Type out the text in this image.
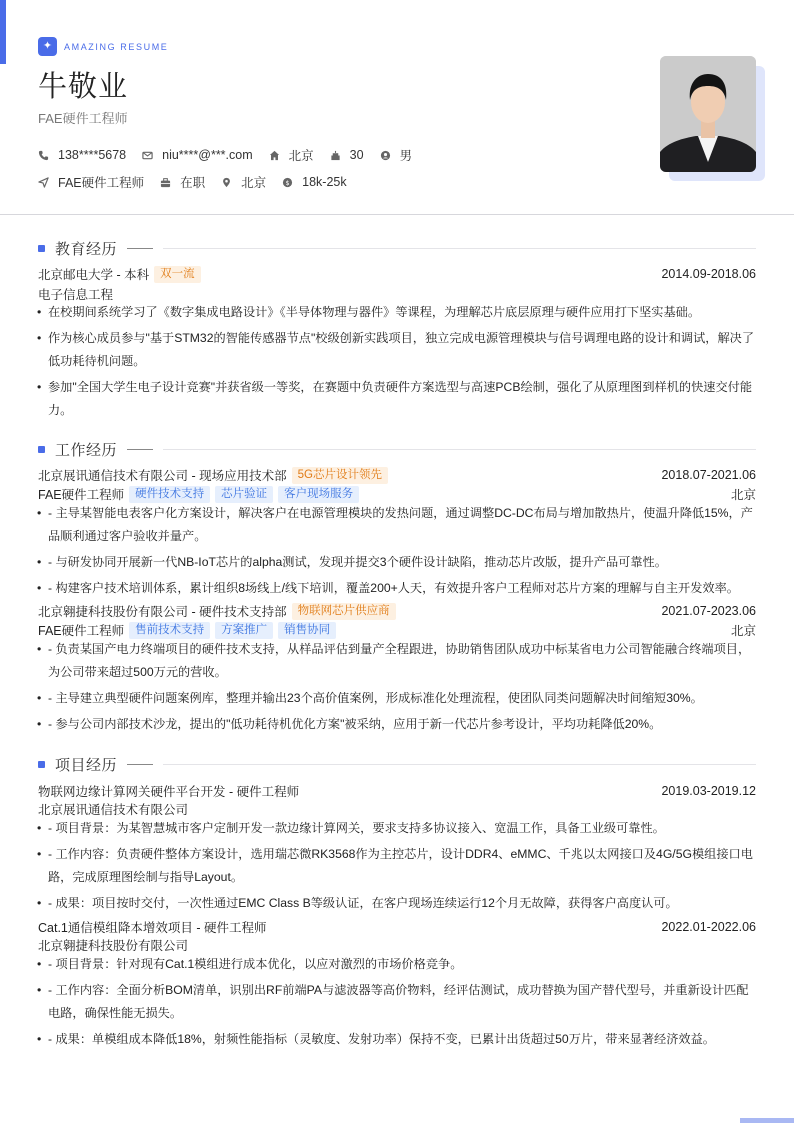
✦	AMAZING RESUME
牛敬业
FAE硬件工程师
138****5678	niu****@***.com	北京	30	男
FAE硬件工程师	在职	北京	$ 18k-25k
教育经历
北京邮电大学 - 本科 双一流	2014.09-2018.06
电子信息工程
• 在校期间系统学习了《数字集成电路设计》《半导体物理与器件》等课程，为理解芯片底层原理与硬件应用打下坚实基础。
• 作为核心成员参与"基于STM32的智能传感器节点"校级创新实践项目，独立完成电源管理模块与信号调理电路的设计和调试，解决了低功耗待机问题。
• 参加"全国大学生电子设计竞赛"并获省级一等奖，在赛题中负责硬件方案选型与高速PCB绘制，强化了从原理图到样机的快速交付能力。
工作经历
北京展讯通信技术有限公司 - 现场应用技术部 5G芯片设计领先	2018.07-2021.06
FAE硬件工程师 硬件技术支持	芯片验证	客户现场服务	北京
• - 主导某智能电表客户化方案设计，解决客户在电源管理模块的发热问题，通过调整DC-DC布局与增加散热片，使温升降低15%，产品顺利通过客户验收并量产。
• - 与研发协同开展新一代NB-IoT芯片的alpha测试，发现并提交3个硬件设计缺陷，推动芯片改版，提升产品可靠性。
• - 构建客户技术培训体系，累计组织8场线上/线下培训，覆盖200+人天，有效提升客户工程师对芯片方案的理解与自主开发效率。
北京翱捷科技股份有限公司 - 硬件技术支持部 物联网芯片供应商	2021.07-2023.06
FAE硬件工程师 售前技术支持	方案推广	销售协同	北京
• - 负责某国产电力终端项目的硬件技术支持，从样品评估到量产全程跟进，协助销售团队成功中标某省电力公司智能融合终端项目，为公司带来超过500万元的营收。
• - 主导建立典型硬件问题案例库，整理并输出23个高价值案例，形成标准化处理流程，使团队同类问题解决时间缩短30%。
• - 参与公司内部技术沙龙，提出的"低功耗待机优化方案"被采纳，应用于新一代芯片参考设计，平均功耗降低20%。
项目经历
物联网边缘计算网关硬件平台开发 - 硬件工程师	2019.03-2019.12
北京展讯通信技术有限公司
• - 项目背景：为某智慧城市客户定制开发一款边缘计算网关，要求支持多协议接入、宽温工作，具备工业级可靠性。
• - 工作内容：负责硬件整体方案设计，选用瑞芯微RK3568作为主控芯片，设计DDR4、eMMC、千兆以太网接口及4G/5G模组接口电路，完成原理图绘制与指导Layout。
• - 成果：项目按时交付，一次性通过EMC Class B等级认证，在客户现场连续运行12个月无故障，获得客户高度认可。
Cat.1通信模组降本增效项目 - 硬件工程师	2022.01-2022.06
北京翱捷科技股份有限公司
• - 项目背景：针对现有Cat.1模组进行成本优化，以应对激烈的市场价格竞争。
• - 工作内容：全面分析BOM清单，识别出RF前端PA与滤波器等高价物料，经评估测试，成功替换为国产替代型号，并重新设计匹配电路，确保性能无损失。
• - 成果：单模组成本降低18%，射频性能指标（灵敏度、发射功率）保持不变，已累计出货超过50万片，带来显著经济效益。
